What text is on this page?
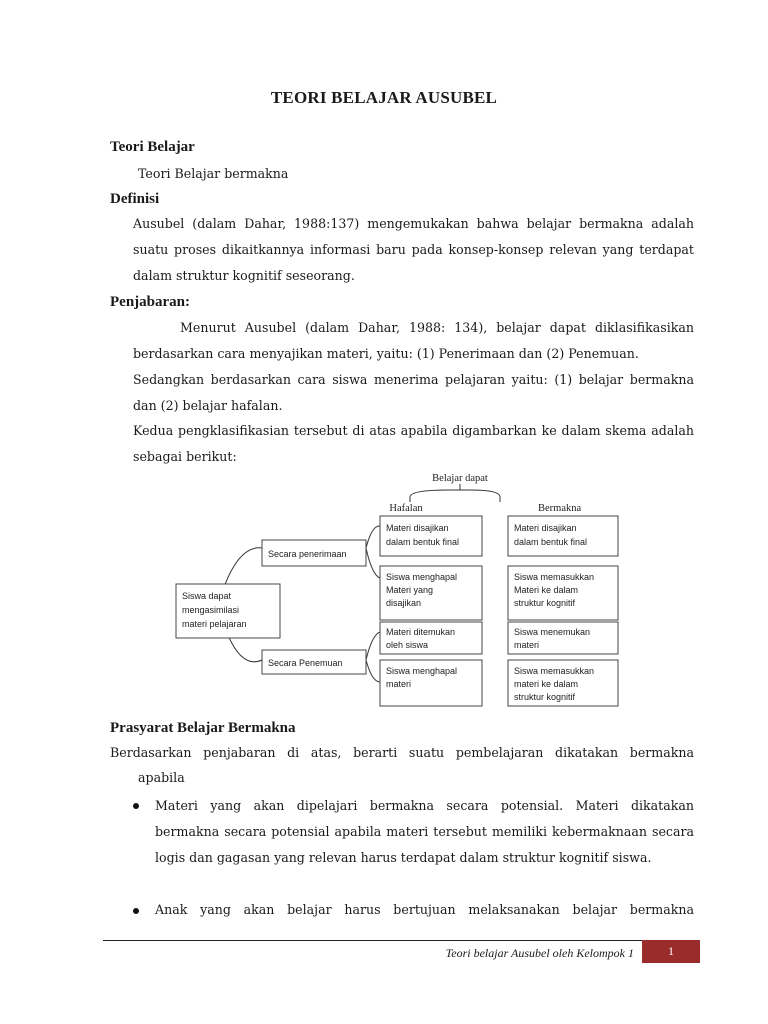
TEORI BELAJAR AUSUBEL
Teori Belajar
Teori Belajar bermakna
Definisi

Ausubel (dalam Dahar, 1988:137) mengemukakan bahwa belajar bermakna adalah suatu proses dikaitkannya informasi baru pada konsep-konsep relevan yang terdapat dalam struktur kognitif seseorang.

Penjabaran:

Menurut Ausubel (dalam Dahar, 1988: 134), belajar dapat diklasifikasikan berdasarkan cara menyajikan materi, yaitu: (1) Penerimaan dan (2) Penemuan.

Sedangkan berdasarkan cara siswa menerima pelajaran yaitu: (1) belajar bermakna dan (2) belajar hafalan.

Kedua pengklasifikasian tersebut di atas apabila digambarkan ke dalam skema adalah sebagai berikut:

Belajar dapat
Hafalan	Bermakna
Siswa dapat
mengasimilasi
materi pelajaran
Secara penerimaan
Secara Penemuan
Materi disajikan
dalam bentuk final
Siswa menghapal
Materi yang
disajikan
Materi ditemukan
oleh siswa
Siswa menghapal
materi
Materi disajikan
dalam bentuk final
Siswa memasukkan
Materi ke dalam
struktur kognitif
Siswa menemukan
materi
Siswa memasukkan
materi ke dalam
struktur kognitif
Prasyarat Belajar Bermakna

Berdasarkan penjabaran di atas, berarti suatu pembelajaran dikatakan bermakna

apabila

Materi yang akan dipelajari bermakna secara potensial. Materi dikatakan bermakna secara potensial apabila materi tersebut memiliki kebermaknaan secara logis dan gagasan yang relevan harus terdapat dalam struktur kognitif siswa.

Anak yang akan belajar harus bertujuan melaksanakan belajar bermakna

Teori belajar Ausubel oleh Kelompok 1	1
